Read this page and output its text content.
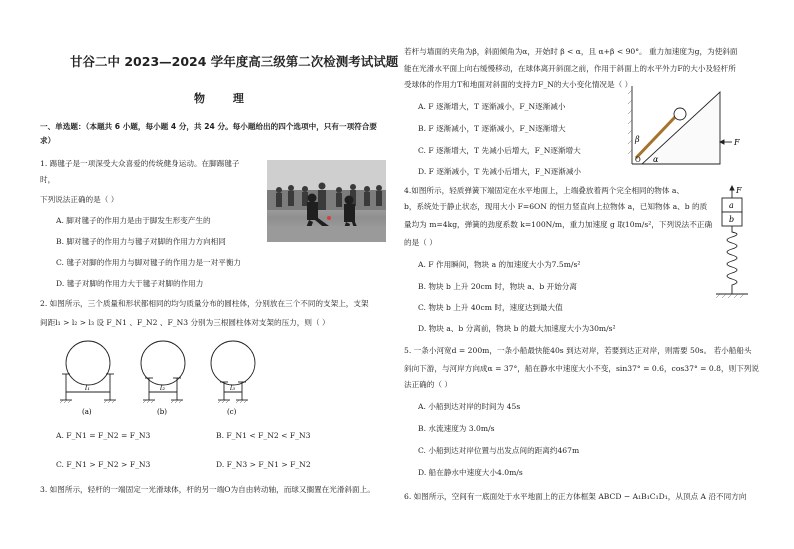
甘谷二中 2023—2024 学年度高三级第二次检测考试试题
物 理
一、单选题：（本题共 6 小题，每小题 4 分，共 24 分。每小题给出的四个选项中，只有一项符合要
求）
1. 踢毽子是一项深受大众喜爱的传统健身运动。在脚踢毽子
时，
下列说法正确的是（ ）
A. 脚对毽子的作用力是由于脚发生形变产生的
B. 脚对毽子的作用力与毽子对脚的作用力方向相同
C. 毽子对脚的作用力与脚对毽子的作用力是一对平衡力
D. 毽子对脚的作用力大于毽子对脚的作用力
2. 如图所示，三个质量和形状都相同的均匀质量分布的圆柱体，分别放在三个不同的支架上，支架
间距l₁ > l₂ > l₃ 设 F_N1 、F_N2 、F_N3 分别为三根圆柱体对支架的压力，则（ ）
l₁	l₂	l₃
(a)	(b)	(c)
A. F_N1 = F_N2 = F_N3	B. F_N1 < F_N2 < F_N3
C. F_N1 > F_N2 > F_N3	D. F_N3 > F_N1 > F_N2
3. 如图所示，轻杆的一端固定一光滑球体，杆的另一端O为自由转动轴，而球又搁置在光滑斜面上。
若杆与墙面的夹角为β，斜面倾角为α，开始时 β < α，且 α+β < 90°。 重力加速度为g，为使斜面
能在光滑水平面上向右缓慢移动，在球体离开斜面之前，作用于斜面上的水平外力F的大小及轻杆所
受球体的作用力T和地面对斜面的支持力F_N的大小变化情况是（ ）
A. F 逐渐增大，T 逐渐减小，F_N逐渐减小
B. F 逐渐减小，T 逐渐减小，F_N逐渐增大
C. F 逐渐增大，T 先减小后增大，F_N逐渐增大
D. F 逐渐减小，T 先减小后增大，F_N逐渐减小
β
O α
F
4.如图所示，轻质弹簧下端固定在水平地面上，上端叠放着两个完全相同的物体 a、
b，系统处于静止状态，现用大小 F=6ON 的恒力竖直向上拉物体 a，已知物体 a、b 的质
量均为 m=4kg，弹簧的劲度系数 k=100N/m，重力加速度 g 取10m/s²，下列说法不正确
的是（ ）
A. F 作用瞬间，物块 a 的加速度大小为7.5m/s²
B. 物块 b 上升 20cm 时，物块 a、b 开始分离
C. 物块 b 上升 40cm 时，速度达到最大值
D. 物块 a、b 分离前，物块 b 的最大加速度大小为30m/s²
F
a
b
5. 一条小河宽d = 200m，一条小船最快能40s 到达对岸，若要到达正对岸，则需要 50s。 若小船船头
斜向下游，与河岸方向成α = 37°，船在静水中速度大小不变，sin37° = 0.6，cos37° = 0.8，则下列说
法正确的（ ）
A. 小船到达对岸的时间为 45s
B. 水流速度为 3.0m/s
C. 小船到达对岸位置与出发点间的距离约467m
D. 船在静水中速度大小4.0m/s
6. 如图所示，空间有一底面处于水平地面上的正方体框架 ABCD − A₁B₁C₁D₁，从顶点 A 沿不同方向
